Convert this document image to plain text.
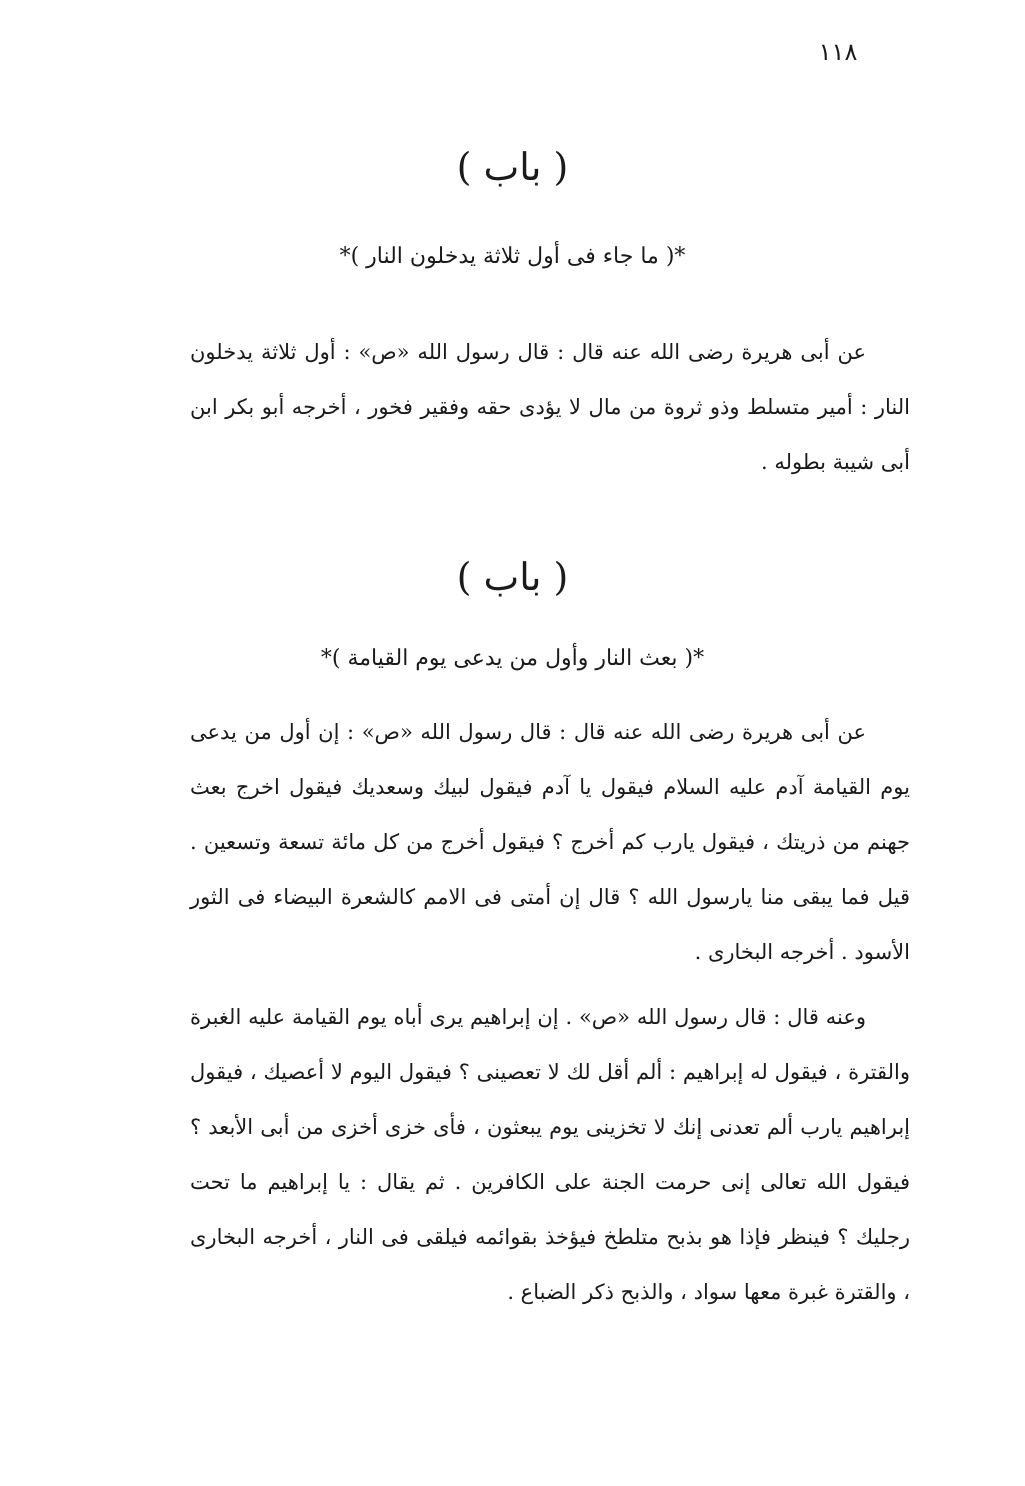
١١٨
( باب )
*( ما جاء فى أول ثلاثة يدخلون النار )*
عن أبى هريرة رضى الله عنه قال : قال رسول الله «ص» : أول ثلاثة يدخلون النار : أمير متسلط وذو ثروة من مال لا يؤدى حقه وفقير فخور ، أخرجه أبو بكر ابن أبى شيبة بطوله .
( باب )
*( بعث النار وأول من يدعى يوم القيامة )*
عن أبى هريرة رضى الله عنه قال : قال رسول الله «ص» : إن أول من يدعى يوم القيامة آدم عليه السلام فيقول يا آدم فيقول لبيك وسعديك فيقول اخرج بعث جهنم من ذريتك ، فيقول يارب كم أخرج ؟ فيقول أخرج من كل مائة تسعة وتسعين . قيل فما يبقى منا يارسول الله ؟ قال إن أمتى فى الامم كالشعرة البيضاء فى الثور الأسود . أخرجه البخارى .
وعنه قال : قال رسول الله «ص» . إن إبراهيم يرى أباه يوم القيامة عليه الغبرة والقترة ، فيقول له إبراهيم : ألم أقل لك لا تعصينى ؟ فيقول اليوم لا أعصيك ، فيقول إبراهيم يارب ألم تعدنى إنك لا تخزينى يوم يبعثون ، فأى خزى أخزى من أبى الأبعد ؟ فيقول الله تعالى إنى حرمت الجنة على الكافرين . ثم يقال : يا إبراهيم ما تحت رجليك ؟ فينظر فإذا هو بذبح متلطخ فيؤخذ بقوائمه فيلقى فى النار ، أخرجه البخارى ، والقترة غبرة معها سواد ، والذبح ذكر الضباع .
